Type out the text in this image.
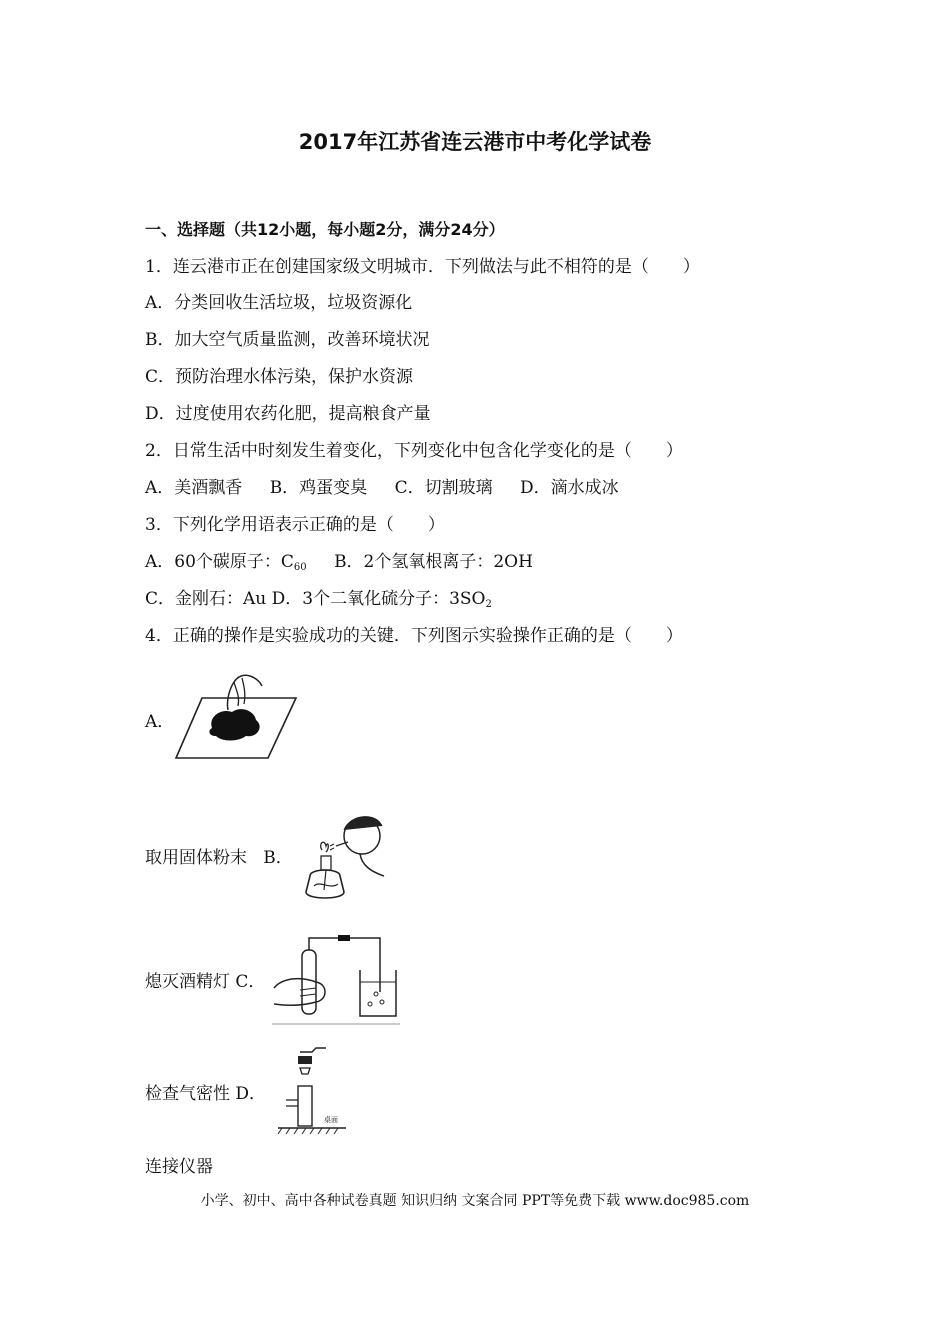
2017年江苏省连云港市中考化学试卷
一、选择题（共12小题，每小题2分，满分24分）
1．连云港市正在创建国家级文明城市．下列做法与此不相符的是（　　）
A．分类回收生活垃圾，垃圾资源化
B．加大空气质量监测，改善环境状况
C．预防治理水体污染，保护水资源
D．过度使用农药化肥，提高粮食产量
2．日常生活中时刻发生着变化，下列变化中包含化学变化的是（　　）
A．美酒飘香 B．鸡蛋变臭 C．切割玻璃 D．滴水成冰
3．下列化学用语表示正确的是（　　）
A．60个碳原子：$C_{60}$ B．2个氢氧根离子：2OH
C．金刚石：Au D．3个二氧化硫分子：$3SO_2$
4．正确的操作是实验成功的关键．下列图示实验操作正确的是（　　）
A．
取用固体粉末 B．
熄灭酒精灯 C．
检查气密性 D．
桌面
连接仪器
小学、初中、高中各种试卷真题 知识归纳 文案合同 PPT等免费下载 www.doc985.com
